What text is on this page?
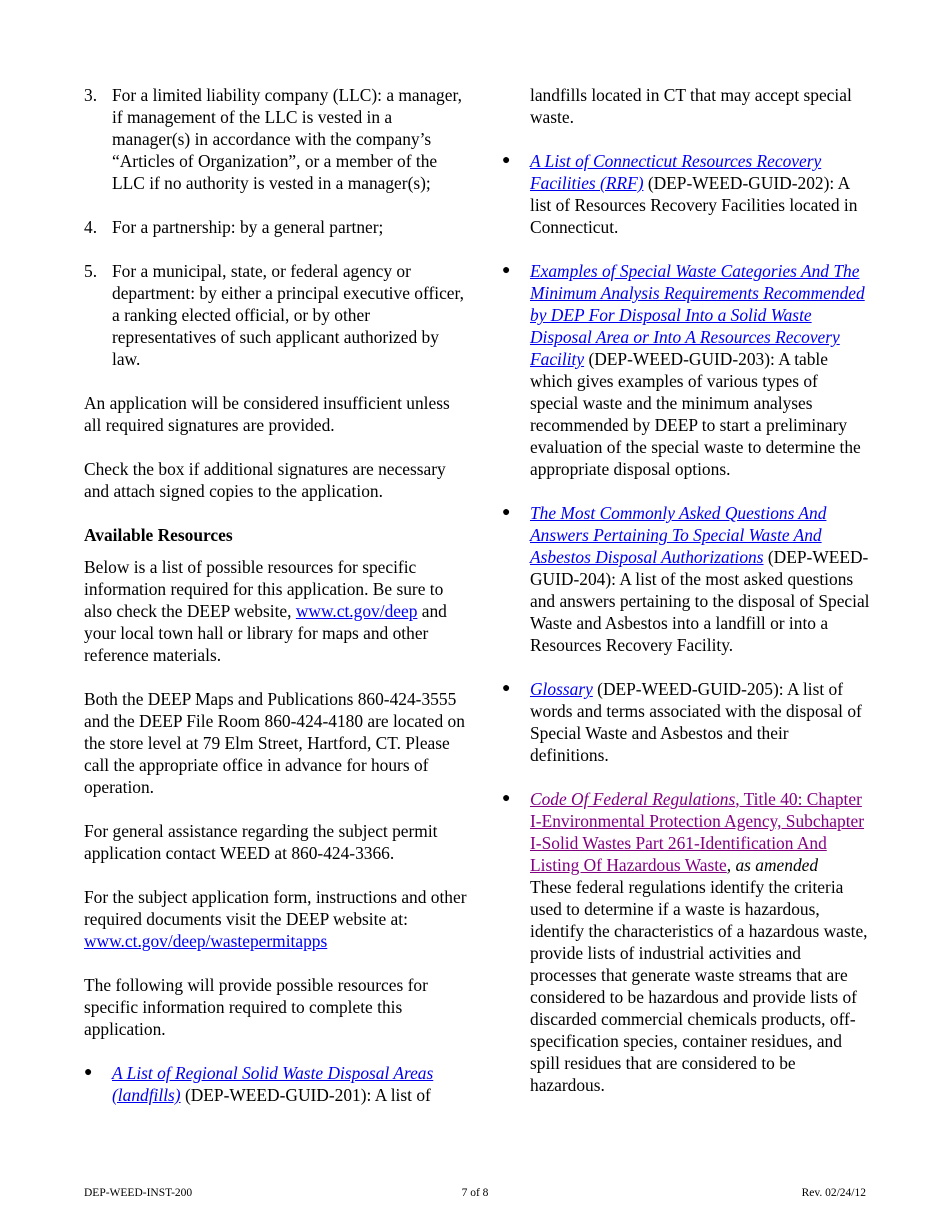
3. For a limited liability company (LLC): a manager, if management of the LLC is vested in a manager(s) in accordance with the company’s “Articles of Organization”, or a member of the LLC if no authority is vested in a manager(s);

4. For a partnership: by a general partner;

5. For a municipal, state, or federal agency or department: by either a principal executive officer, a ranking elected official, or by other representatives of such applicant authorized by law.

An application will be considered insufficient unless all required signatures are provided.

Check the box if additional signatures are necessary and attach signed copies to the application.

Available Resources

Below is a list of possible resources for specific information required for this application. Be sure to also check the DEEP website, www.ct.gov/deep and your local town hall or library for maps and other reference materials.

Both the DEEP Maps and Publications 860-424-3555 and the DEEP File Room 860-424-4180 are located on the store level at 79 Elm Street, Hartford, CT. Please call the appropriate office in advance for hours of operation.

For general assistance regarding the subject permit application contact WEED at 860-424-3366.

For the subject application form, instructions and other required documents visit the DEEP website at: www.ct.gov/deep/wastepermitapps

The following will provide possible resources for specific information required to complete this application.

● A List of Regional Solid Waste Disposal Areas (landfills) (DEP-WEED-GUID-201): A list of

landfills located in CT that may accept special waste.

● A List of Connecticut Resources Recovery Facilities (RRF) (DEP-WEED-GUID-202): A list of Resources Recovery Facilities located in Connecticut.

● Examples of Special Waste Categories And The Minimum Analysis Requirements Recommended by DEP For Disposal Into a Solid Waste Disposal Area or Into A Resources Recovery Facility (DEP-WEED-GUID-203): A table which gives examples of various types of special waste and the minimum analyses recommended by DEEP to start a preliminary evaluation of the special waste to determine the appropriate disposal options.

● The Most Commonly Asked Questions And Answers Pertaining To Special Waste And Asbestos Disposal Authorizations (DEP-WEED-GUID-204): A list of the most asked questions and answers pertaining to the disposal of Special Waste and Asbestos into a landfill or into a Resources Recovery Facility.

● Glossary (DEP-WEED-GUID-205): A list of words and terms associated with the disposal of Special Waste and Asbestos and their definitions.

● Code Of Federal Regulations, Title 40: Chapter I-Environmental Protection Agency, Subchapter I-Solid Wastes Part 261-Identification And Listing Of Hazardous Waste, as amended

These federal regulations identify the criteria used to determine if a waste is hazardous, identify the characteristics of a hazardous waste, provide lists of industrial activities and processes that generate waste streams that are considered to be hazardous and provide lists of discarded commercial chemicals products, off-specification species, container residues, and spill residues that are considered to be hazardous.

DEP-WEED-INST-200	7 of 8	Rev. 02/24/12
